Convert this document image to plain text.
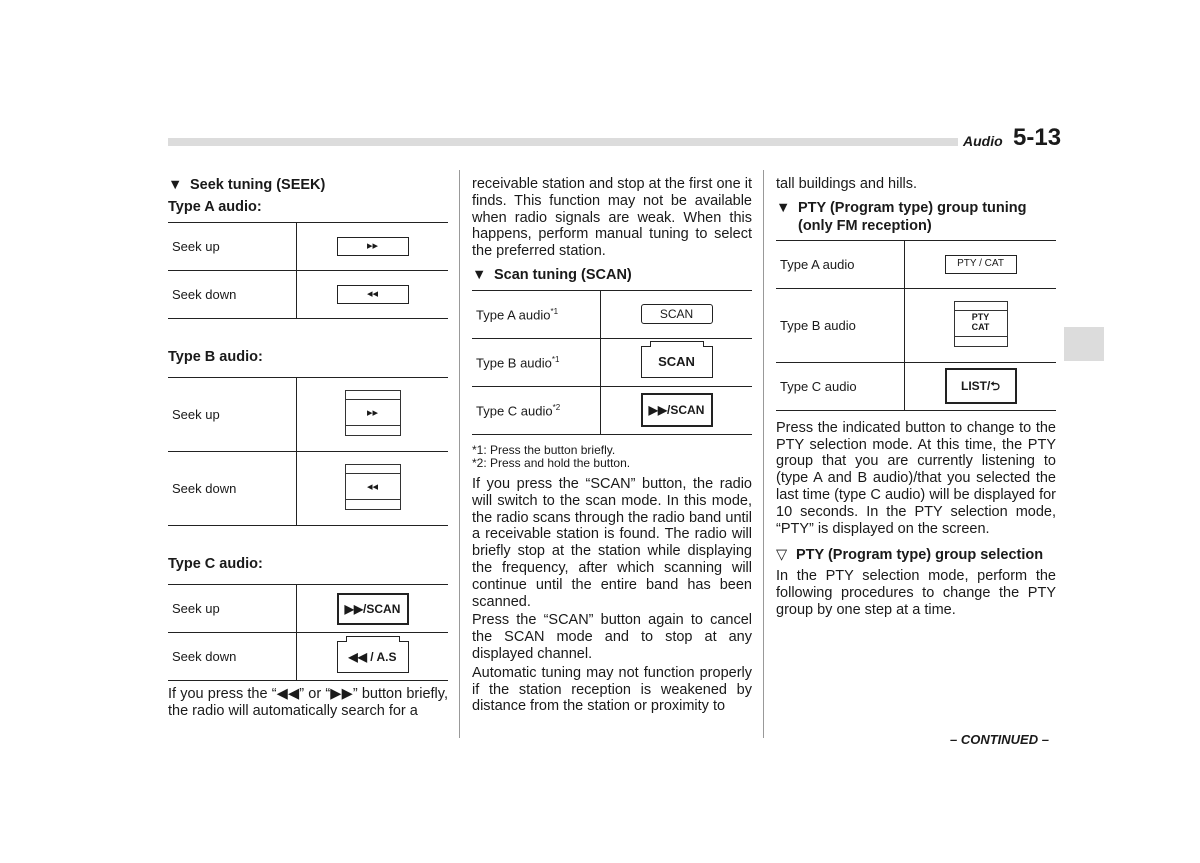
Audio 5-13
▼ Seek tuning (SEEK)
Type A audio:
Seek up	▸▸
Seek down	◂◂
Type B audio:
Seek up	▸▸

Seek down	◂◂
Type C audio:
Seek up	▶▶/SCAN
Seek down	◀◀ / A.S

If you press the “◀◀” or “▶▶” button briefly, the radio will automatically search for a

receivable station and stop at the first one it finds. This function may not be available when radio signals are weak. When this happens, perform manual tuning to select the preferred station.

▼ Scan tuning (SCAN)
Type A audio$^{*1}$	SCAN
Type B audio$^{*1}$	SCAN
Type C audio$^{*2}$	▶▶/SCAN

*1: Press the button briefly.

*2: Press and hold the button.

If you press the “SCAN” button, the radio will switch to the scan mode. In this mode, the radio scans through the radio band until a receivable station is found. The radio will briefly stop at the station while displaying the frequency, after which scanning will continue until the entire band has been scanned.

Press the “SCAN” button again to cancel the SCAN mode and to stop at any displayed channel.

Automatic tuning may not function properly if the station reception is weakened by distance from the station or proximity to

tall buildings and hills.

▼ PTY (Program type) group tuning (only FM reception)
Type A audio	PTY / CAT
Type B audio	PTY
CAT

Type C audio	LIST/⮌

Press the indicated button to change to the PTY selection mode. At this time, the PTY group that you are currently listening to (type A and B audio)/that you selected the last time (type C audio) will be displayed for 10 seconds. In the PTY selection mode, “PTY” is displayed on the screen.

▽ PTY (Program type) group selection

In the PTY selection mode, perform the following procedures to change the PTY group by one step at a time.

– CONTINUED –
